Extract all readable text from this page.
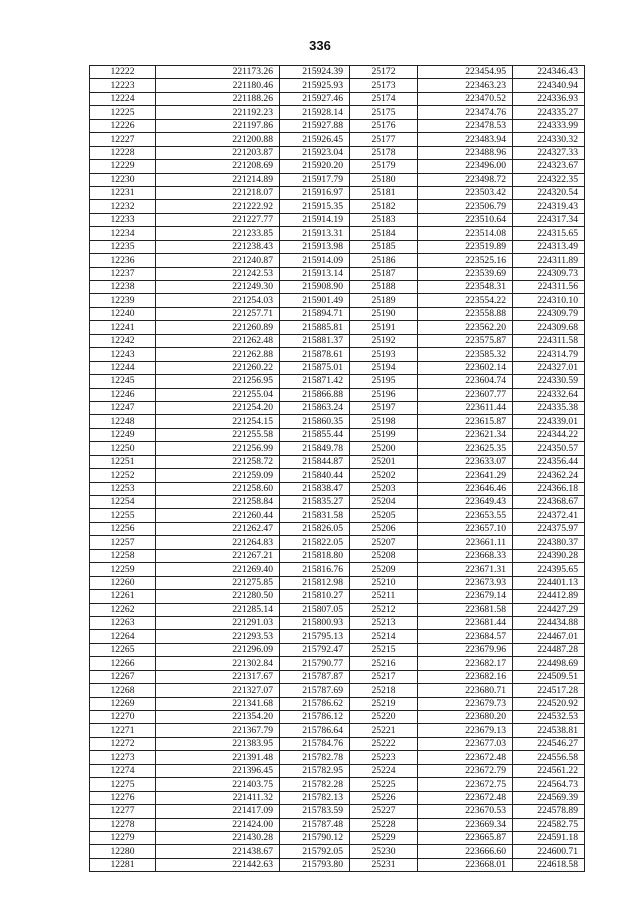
336
12222	221173.26	215924.39	25172	223454.95	224346.43
12223	221180.46	215925.93	25173	223463.23	224340.94
12224	221188.26	215927.46	25174	223470.52	224336.93
12225	221192.23	215928.14	25175	223474.76	224335.27
12226	221197.86	215927.88	25176	223478.53	224333.99
12227	221200.88	215926.45	25177	223483.94	224330.32
12228	221203.87	215923.04	25178	223488.96	224327.33
12229	221208.69	215920.20	25179	223496.00	224323.67
12230	221214.89	215917.79	25180	223498.72	224322.35
12231	221218.07	215916.97	25181	223503.42	224320.54
12232	221222.92	215915.35	25182	223506.79	224319.43
12233	221227.77	215914.19	25183	223510.64	224317.34
12234	221233.85	215913.31	25184	223514.08	224315.65
12235	221238.43	215913.98	25185	223519.89	224313.49
12236	221240.87	215914.09	25186	223525.16	224311.89
12237	221242.53	215913.14	25187	223539.69	224309.73
12238	221249.30	215908.90	25188	223548.31	224311.56
12239	221254.03	215901.49	25189	223554.22	224310.10
12240	221257.71	215894.71	25190	223558.88	224309.79
12241	221260.89	215885.81	25191	223562.20	224309.68
12242	221262.48	215881.37	25192	223575.87	224311.58
12243	221262.88	215878.61	25193	223585.32	224314.79
12244	221260.22	215875.01	25194	223602.14	224327.01
12245	221256.95	215871.42	25195	223604.74	224330.59
12246	221255.04	215866.88	25196	223607.77	224332.64
12247	221254.20	215863.24	25197	223611.44	224335.38
12248	221254.15	215860.35	25198	223615.87	224339.01
12249	221255.58	215855.44	25199	223621.34	224344.22
12250	221256.99	215849.78	25200	223625.35	224350.57
12251	221258.72	215844.87	25201	223633.07	224356.44
12252	221259.09	215840.44	25202	223641.29	224362.24
12253	221258.60	215838.47	25203	223646.46	224366.18
12254	221258.84	215835.27	25204	223649.43	224368.67
12255	221260.44	215831.58	25205	223653.55	224372.41
12256	221262.47	215826.05	25206	223657.10	224375.97
12257	221264.83	215822.05	25207	223661.11	224380.37
12258	221267.21	215818.80	25208	223668.33	224390.28
12259	221269.40	215816.76	25209	223671.31	224395.65
12260	221275.85	215812.98	25210	223673.93	224401.13
12261	221280.50	215810.27	25211	223679.14	224412.89
12262	221285.14	215807.05	25212	223681.58	224427.29
12263	221291.03	215800.93	25213	223681.44	224434.88
12264	221293.53	215795.13	25214	223684.57	224467.01
12265	221296.09	215792.47	25215	223679.96	224487.28
12266	221302.84	215790.77	25216	223682.17	224498.69
12267	221317.67	215787.87	25217	223682.16	224509.51
12268	221327.07	215787.69	25218	223680.71	224517.28
12269	221341.68	215786.62	25219	223679.73	224520.92
12270	221354.20	215786.12	25220	223680.20	224532.53
12271	221367.79	215786.64	25221	223679.13	224538.81
12272	221383.95	215784.76	25222	223677.03	224546.27
12273	221391.48	215782.78	25223	223672.48	224556.58
12274	221396.45	215782.95	25224	223672.79	224561.22
12275	221403.75	215782.28	25225	223672.75	224564.73
12276	221411.32	215782.13	25226	223672.48	224569.39
12277	221417.09	215783.59	25227	223670.53	224578.89
12278	221424.00	215787.48	25228	223669.34	224582.75
12279	221430.28	215790.12	25229	223665.87	224591.18
12280	221438.67	215792.05	25230	223666.60	224600.71
12281	221442.63	215793.80	25231	223668.01	224618.58
